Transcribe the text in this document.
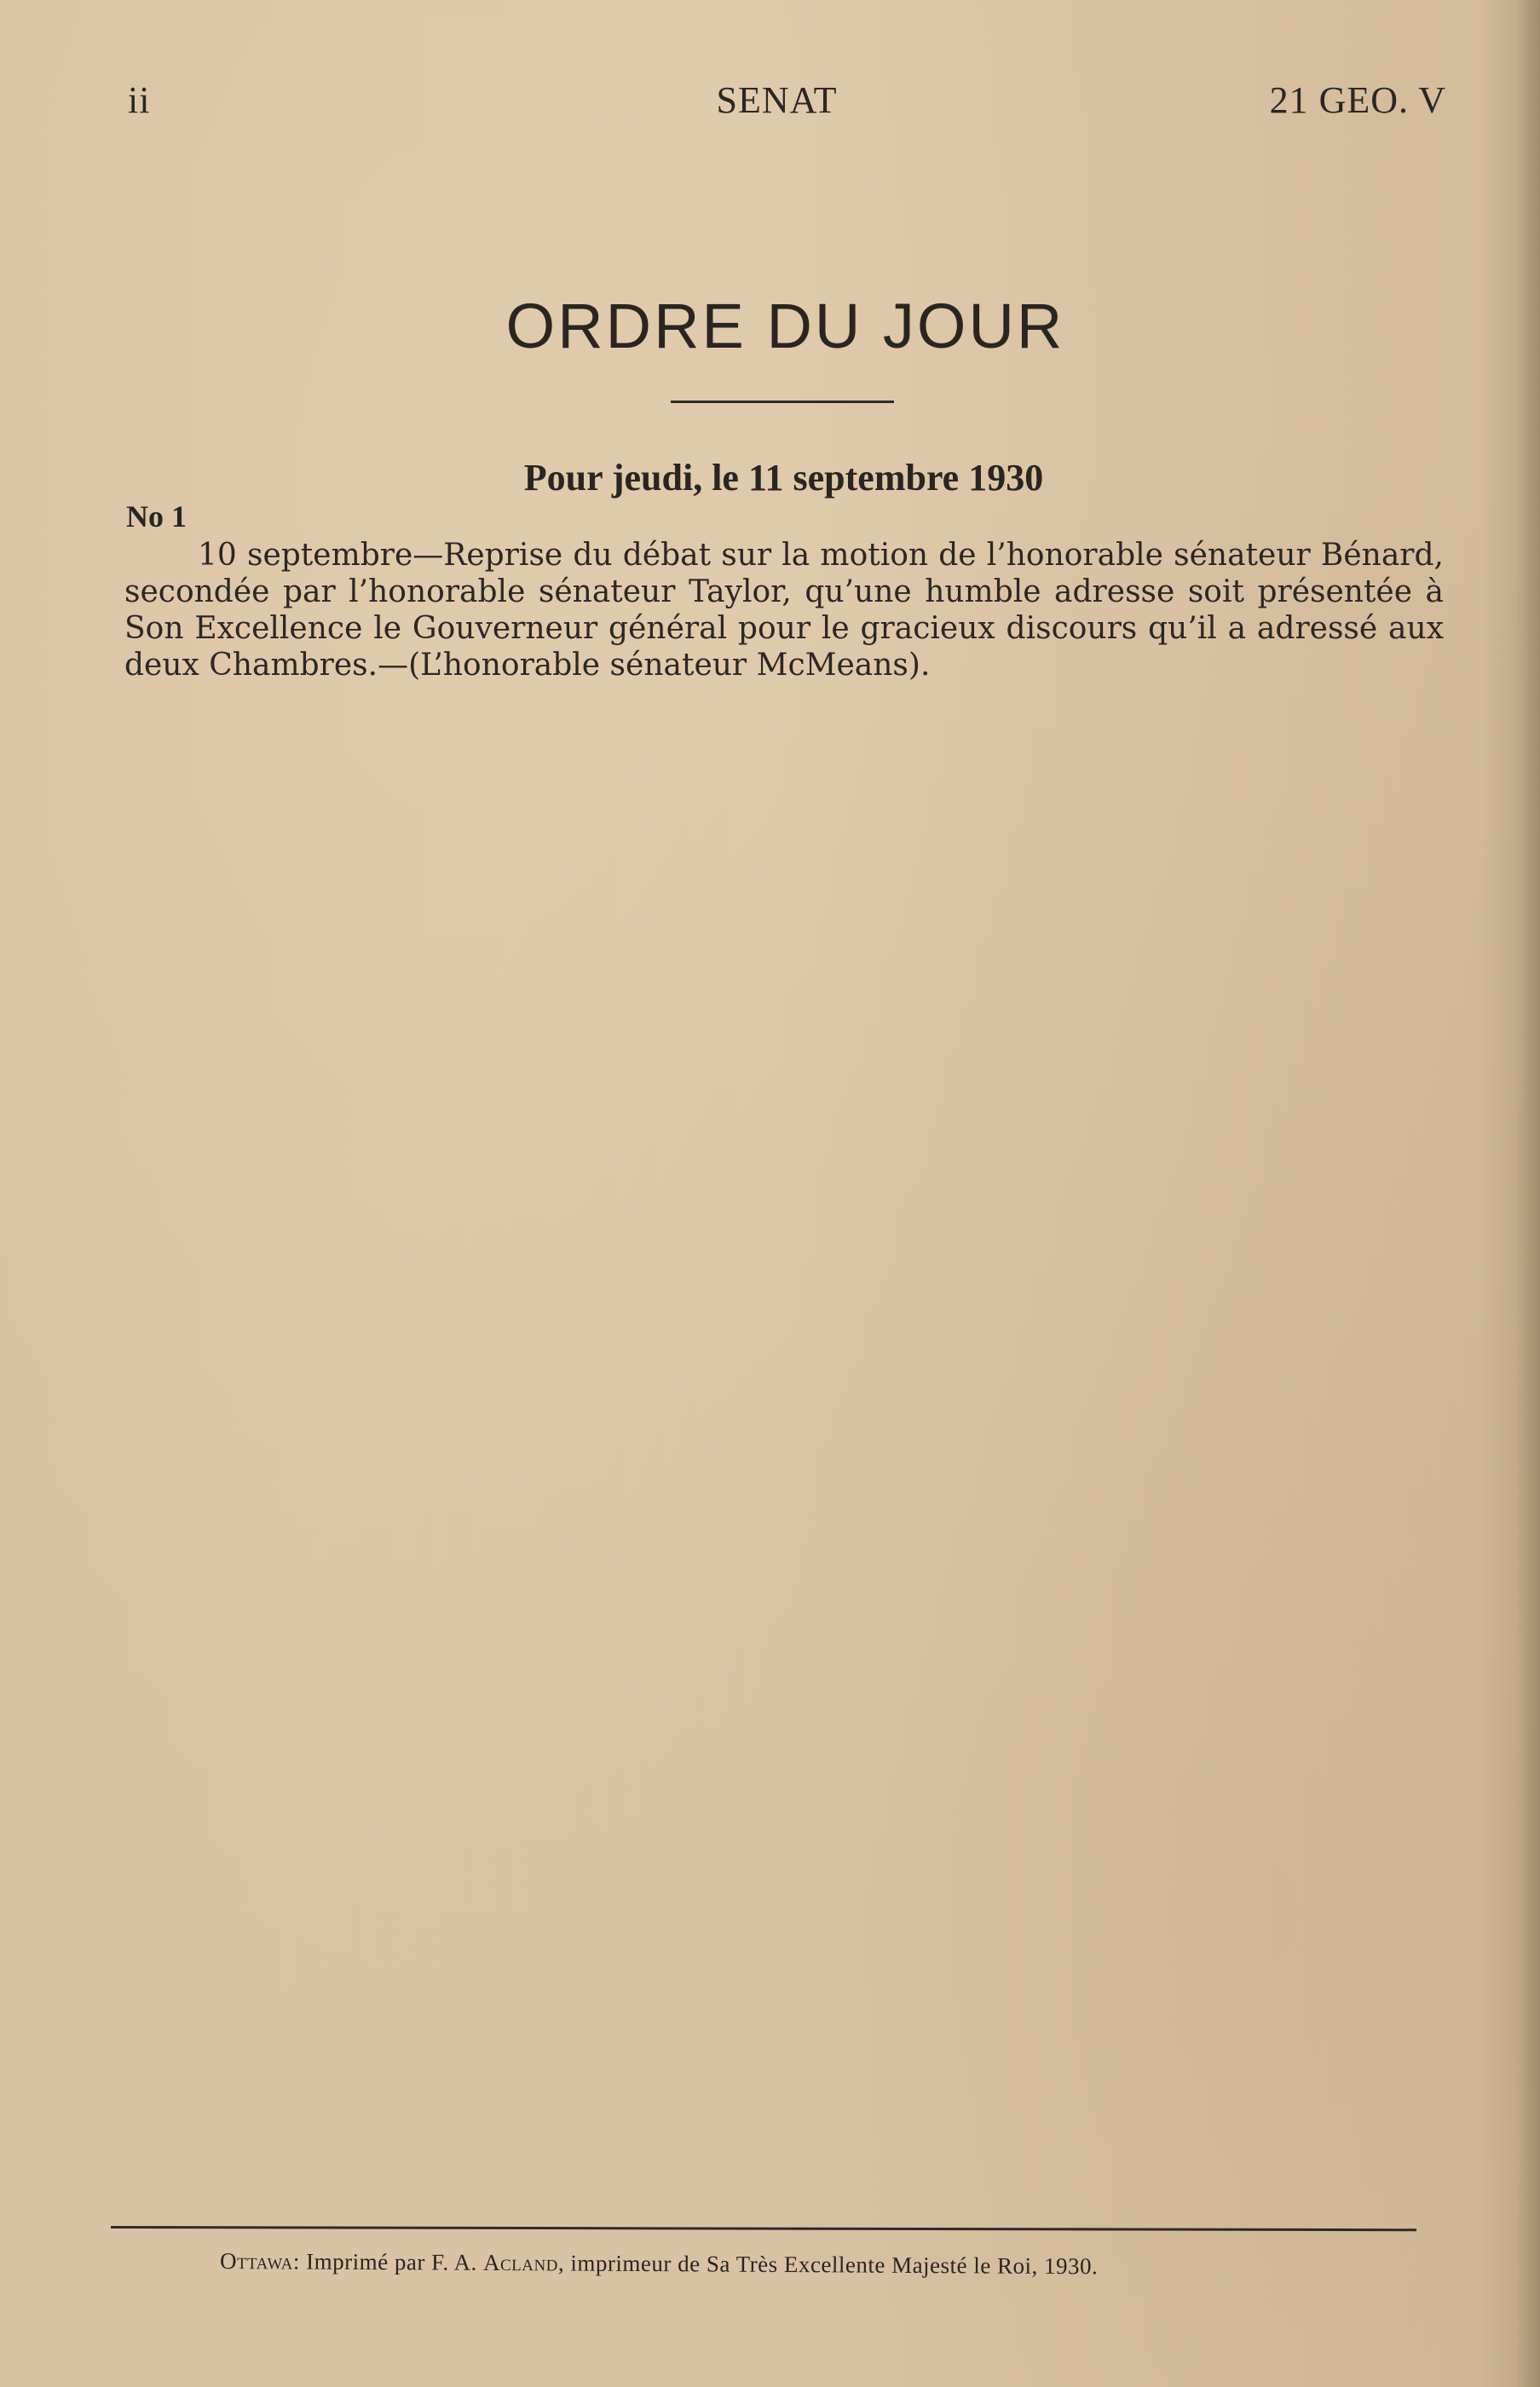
ii	SENAT	21 GEO. V
ORDRE DU JOUR
Pour jeudi, le 11 septembre 1930
No 1

10 septembre—Reprise du débat sur la motion de l’honorable sénateur Bénard, secondée par l’honorable sénateur Taylor, qu’une humble adresse soit présentée à Son Excellence le Gouverneur général pour le gracieux discours qu’il a adressé aux deux Chambres.—(L’honorable sénateur McMeans).

Ottawa: Imprimé par F. A. Acland, imprimeur de Sa Très Excellente Majesté le Roi, 1930.
